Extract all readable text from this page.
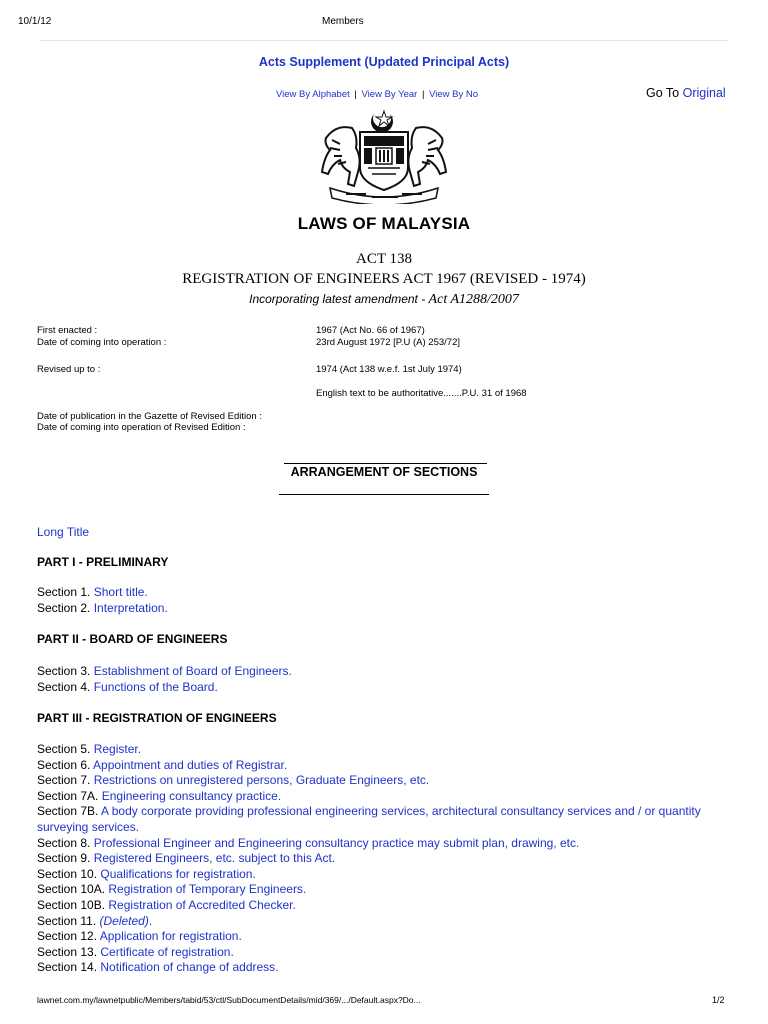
10/1/12	Members
Acts Supplement (Updated Principal Acts)
View By Alphabet | View By Year | View By No	Go To Original
LAWS OF MALAYSIA
ACT 138
REGISTRATION OF ENGINEERS ACT 1967 (REVISED - 1974)
Incorporating latest amendment - Act A1288/2007
First enacted :	1967 (Act No. 66 of 1967)
Date of coming into operation :	23rd August 1972 [P.U (A) 253/72]
Revised up to :	1974 (Act 138 w.e.f. 1st July 1974)
English text to be authoritative.......P.U. 31 of 1968
Date of publication in the Gazette of Revised Edition :
Date of coming into operation of Revised Edition :
ARRANGEMENT OF SECTIONS
Long Title
PART I - PRELIMINARY
Section 1. Short title.
Section 2. Interpretation.
PART II - BOARD OF ENGINEERS
Section 3. Establishment of Board of Engineers.
Section 4. Functions of the Board.
PART III - REGISTRATION OF ENGINEERS
Section 5. Register.
Section 6. Appointment and duties of Registrar.
Section 7. Restrictions on unregistered persons, Graduate Engineers, etc.
Section 7A. Engineering consultancy practice.
Section 7B. A body corporate providing professional engineering services, architectural consultancy services and / or quantity surveying services.
Section 8. Professional Engineer and Engineering consultancy practice may submit plan, drawing, etc.
Section 9. Registered Engineers, etc. subject to this Act.
Section 10. Qualifications for registration.
Section 10A. Registration of Temporary Engineers.
Section 10B. Registration of Accredited Checker.
Section 11. (Deleted).
Section 12. Application for registration.
Section 13. Certificate of registration.
Section 14. Notification of change of address.
lawnet.com.my/lawnetpublic/Members/tabid/53/ctl/SubDocumentDetails/mid/369/.../Default.aspx?Do...	1/2
